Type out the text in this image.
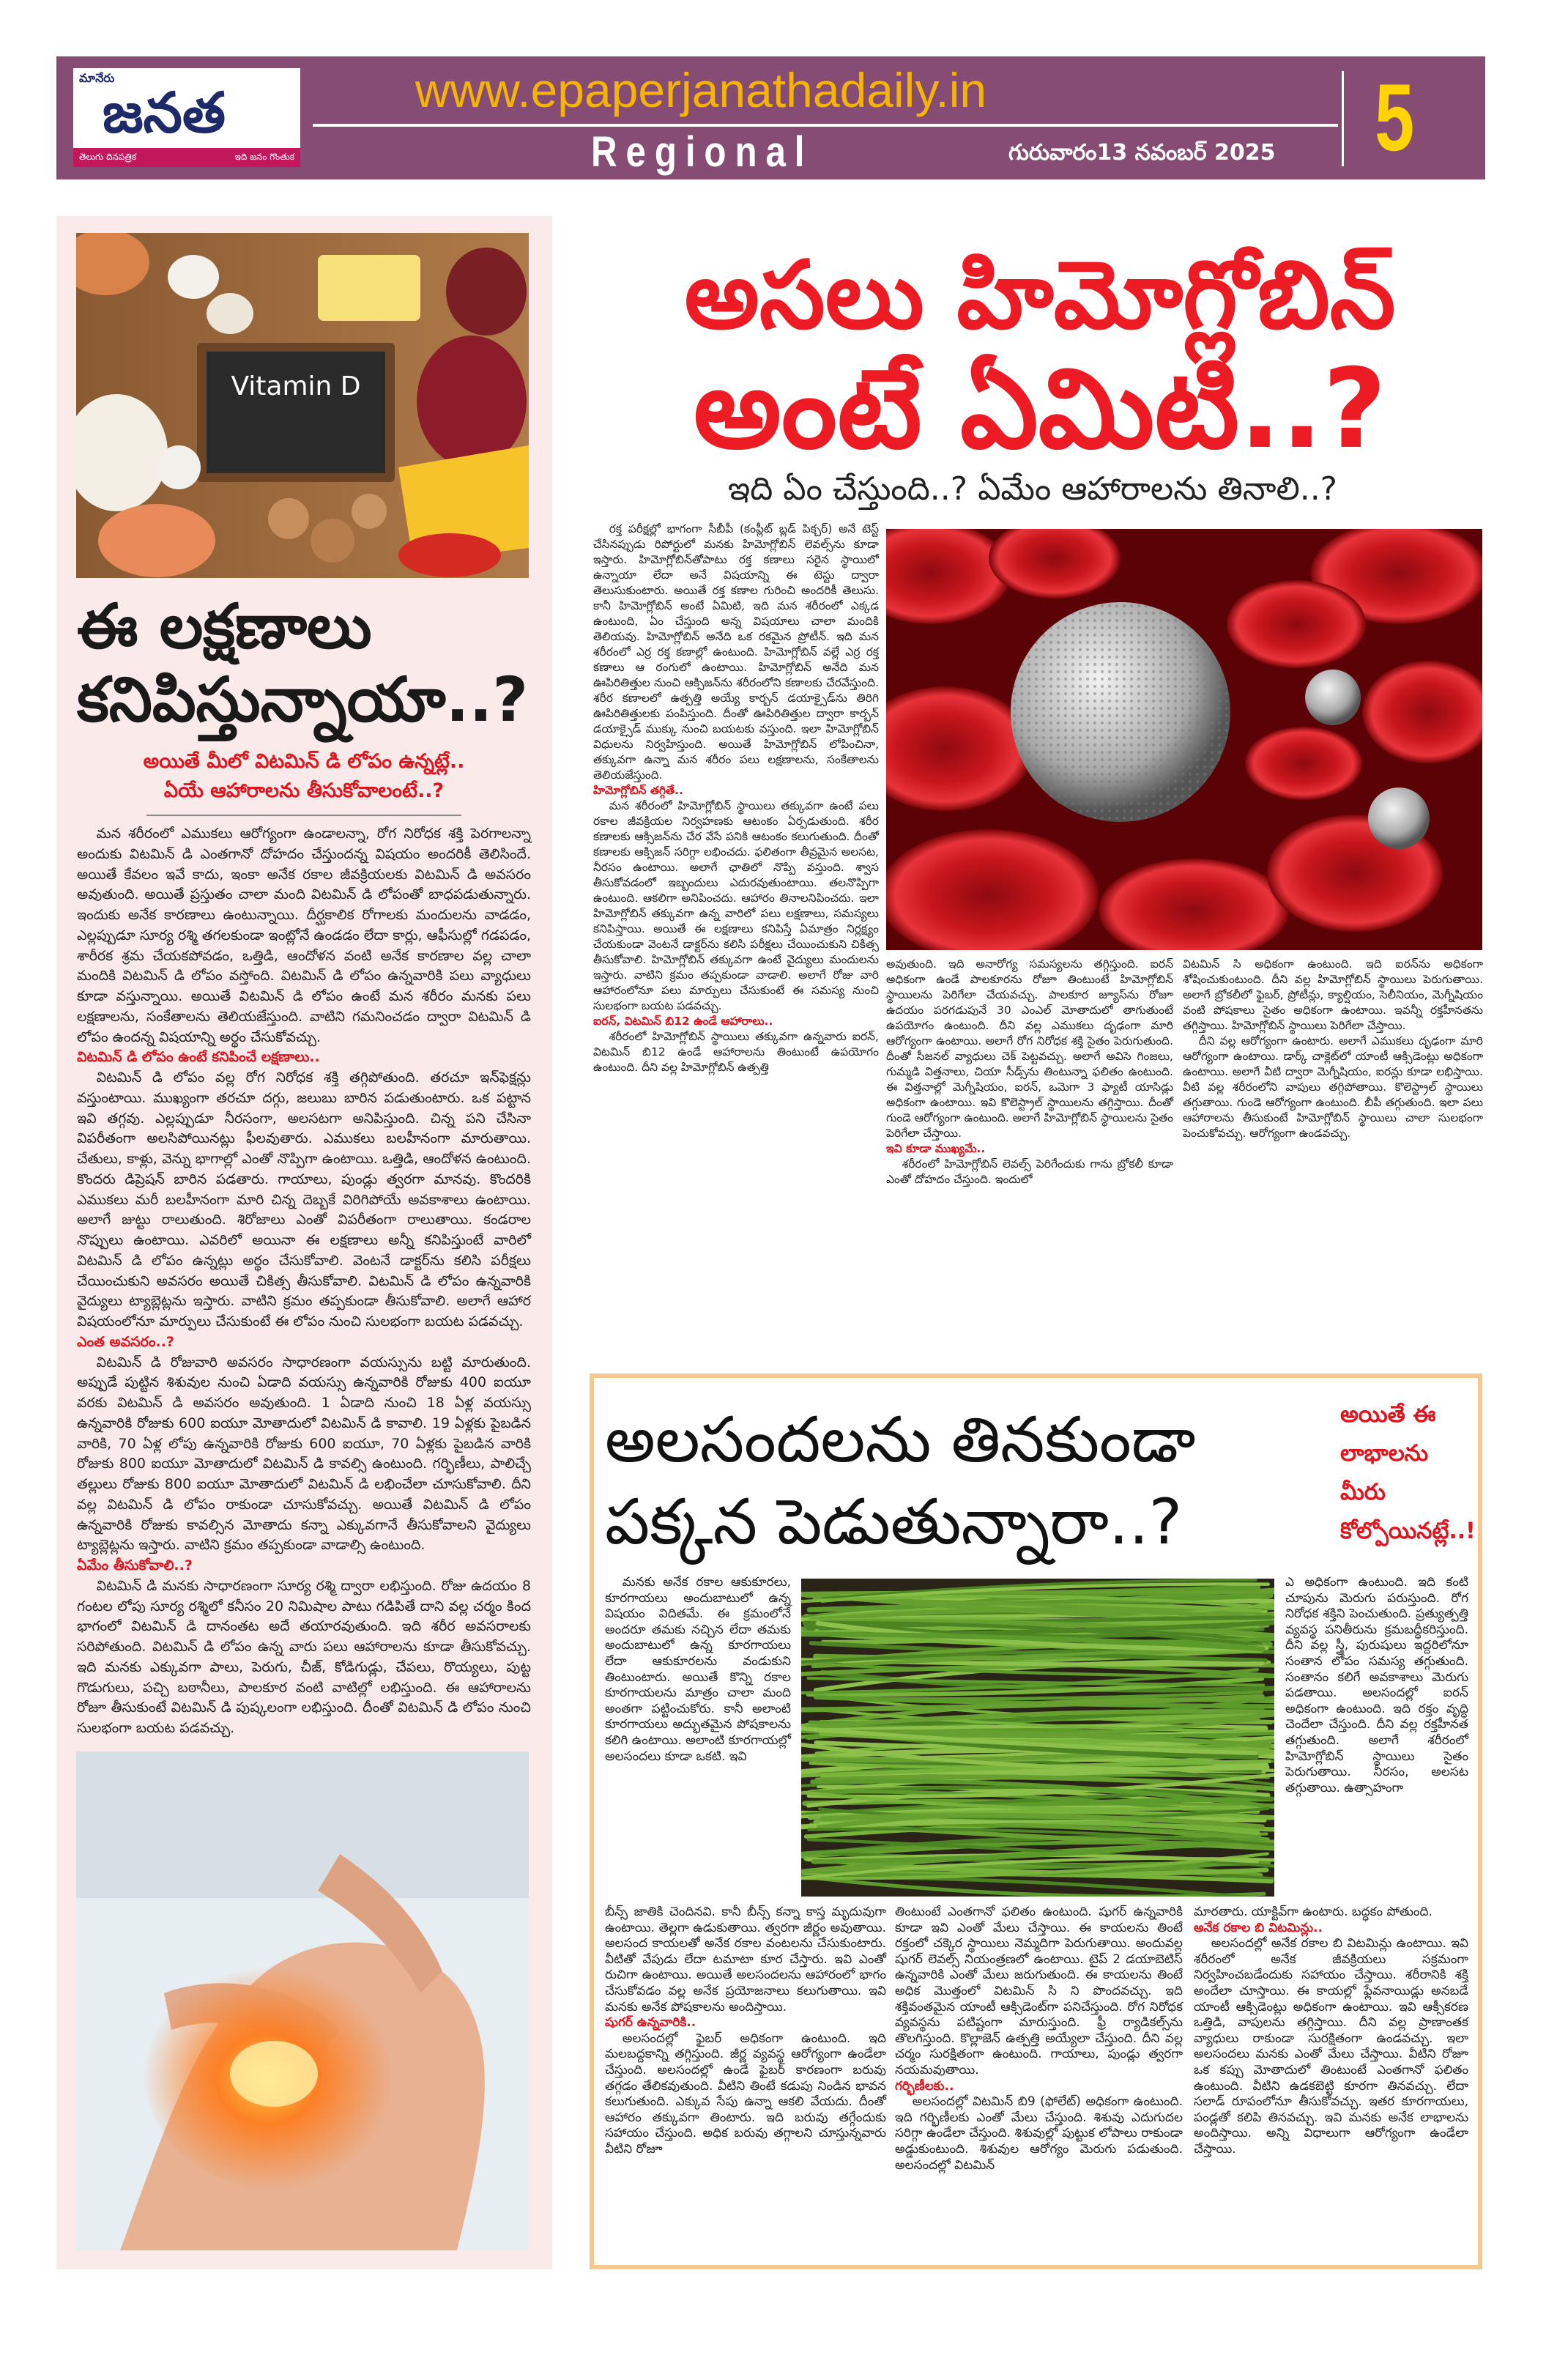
మానేరు
జనత
తెలుగు దినపత్రిక	ఇది జనం గొంతుక
www.epaperjanathadaily.in
Regional	గురువారం13 నవంబర్ 2025	5
Vitamin D
ఈ లక్షణాలు
కనిపిస్తున్నాయా..?
అయితే మీలో విటమిన్ డి లోపం ఉన్నట్లే..
ఏయే ఆహారాలను తీసుకోవాలంటే..?

మన శరీరంలో ఎముకలు ఆరోగ్యంగా ఉండాలన్నా, రోగ నిరోధక శక్తి పెరగాలన్నా అందుకు విటమిన్ డి ఎంతగానో దోహదం చేస్తుందన్న విషయం అందరికీ తెలిసిందే. అయితే కేవలం ఇవే కాదు, ఇంకా అనేక రకాల జీవక్రియలకు విటమిన్ డి అవసరం అవుతుంది. అయితే ప్రస్తుతం చాలా మంది విటమిన్ డి లోపంతో బాధపడుతున్నారు. ఇందుకు అనేక కారణాలు ఉంటున్నాయి. దీర్ఘకాలిక రోగాలకు మందులను వాడడం, ఎల్లప్పుడూ సూర్య రశ్మి తగలకుండా ఇంట్లోనే ఉండడం లేదా కార్లు, ఆఫీసుల్లో గడపడం, శారీరక శ్రమ చేయకపోవడం, ఒత్తిడి, ఆందోళన వంటి అనేక కారణాల వల్ల చాలా మందికి విటమిన్ డి లోపం వస్తోంది. విటమిన్ డి లోపం ఉన్నవారికి పలు వ్యాధులు కూడా వస్తున్నాయి. అయితే విటమిన్ డి లోపం ఉంటే మన శరీరం మనకు పలు లక్షణాలను, సంకేతాలను తెలియజేస్తుంది. వాటిని గమనించడం ద్వారా విటమిన్ డి లోపం ఉందన్న విషయాన్ని అర్థం చేసుకోవచ్చు.

విటమిన్ డి లోపం ఉంటే కనిపించే లక్షణాలు..

విటమిన్ డి లోపం వల్ల రోగ నిరోధక శక్తి తగ్గిపోతుంది. తరచూ ఇన్‌ఫెక్షన్లు వస్తుంటాయి. ముఖ్యంగా తరచూ దగ్గు, జలుబు బారిన పడుతుంటారు. ఒక పట్టాన ఇవి తగ్గవు. ఎల్లప్పుడూ నీరసంగా, అలసటగా అనిపిస్తుంది. చిన్న పని చేసినా విపరీతంగా అలసిపోయినట్లు ఫీలవుతారు. ఎముకలు బలహీనంగా మారుతాయి. చేతులు, కాళ్లు, వెన్ను భాగాల్లో ఎంతో నొప్పిగా ఉంటాయి. ఒత్తిడి, ఆందోళన ఉంటుంది. కొందరు డిప్రెషన్ బారిన పడతారు. గాయాలు, పుండ్లు త్వరగా మానవు. కొందరికి ఎముకలు మరీ బలహీనంగా మారి చిన్న దెబ్బకే విరిగిపోయే అవకాశాలు ఉంటాయి. అలాగే జుట్టు రాలుతుంది. శిరోజాలు ఎంతో విపరీతంగా రాలుతాయి. కండరాల నొప్పులు ఉంటాయి. ఎవరిలో అయినా ఈ లక్షణాలు అన్నీ కనిపిస్తుంటే వారిలో విటమిన్ డి లోపం ఉన్నట్లు అర్థం చేసుకోవాలి. వెంటనే డాక్టర్‌ను కలిసి పరీక్షలు చేయించుకుని అవసరం అయితే చికిత్స తీసుకోవాలి. విటమిన్ డి లోపం ఉన్నవారికి వైద్యులు ట్యాబ్లెట్లను ఇస్తారు. వాటిని క్రమం తప్పకుండా తీసుకోవాలి. అలాగే ఆహార విషయంలోనూ మార్పులు చేసుకుంటే ఈ లోపం నుంచి సులభంగా బయట పడవచ్చు.

ఎంత అవసరం..?

విటమిన్ డి రోజువారి అవసరం సాధారణంగా వయస్సును బట్టి మారుతుంది. అప్పుడే పుట్టిన శిశువుల నుంచి ఏడాది వయస్సు ఉన్నవారికి రోజుకు 400 ఐయూ వరకు విటమిన్ డి అవసరం అవుతుంది. 1 ఏడాది నుంచి 18 ఏళ్ల వయస్సు ఉన్నవారికి రోజుకు 600 ఐయూ మోతాదులో విటమిన్ డి కావాలి. 19 ఏళ్లకు పైబడిన వారికి, 70 ఏళ్ల లోపు ఉన్నవారికి రోజుకు 600 ఐయూ, 70 ఏళ్లకు పైబడిన వారికి రోజుకు 800 ఐయూ మోతాదులో విటమిన్ డి కావల్సి ఉంటుంది. గర్భిణీలు, పాలిచ్చే తల్లులు రోజుకు 800 ఐయూ మోతాదులో విటమిన్ డి లభించేలా చూసుకోవాలి. దీని వల్ల విటమిన్ డి లోపం రాకుండా చూసుకోవచ్చు. అయితే విటమిన్ డి లోపం ఉన్నవారికి రోజుకు కావల్సిన మోతాదు కన్నా ఎక్కువగానే తీసుకోవాలని వైద్యులు ట్యాబ్లెట్లను ఇస్తారు. వాటిని క్రమం తప్పకుండా వాడాల్సి ఉంటుంది.

ఏమేం తీసుకోవాలి..?

విటమిన్ డి మనకు సాధారణంగా సూర్య రశ్మి ద్వారా లభిస్తుంది. రోజు ఉదయం 8 గంటల లోపు సూర్య రశ్మిలో కనీసం 20 నిమిషాల పాటు గడిపితే దాని వల్ల చర్మం కింద భాగంలో విటమిన్ డి దానంతట అదే తయారవుతుంది. ఇది శరీర అవసరాలకు సరిపోతుంది. విటమిన్ డి లోపం ఉన్న వారు పలు ఆహారాలను కూడా తీసుకోవచ్చు. ఇది మనకు ఎక్కువగా పాలు, పెరుగు, చీజ్, కోడిగుడ్లు, చేపలు, రొయ్యలు, పుట్ట గొడుగులు, పచ్చి బఠానీలు, పాలకూర వంటి వాటిల్లో లభిస్తుంది. ఈ ఆహారాలను రోజూ తీసుకుంటే విటమిన్ డి పుష్కలంగా లభిస్తుంది. దీంతో విటమిన్ డి లోపం నుంచి సులభంగా బయట పడవచ్చు.

అసలు హిమోగ్లోబిన్
అంటే ఏమిటి..?
ఇది ఏం చేస్తుంది..? ఏమేం ఆహారాలను తినాలి..?

రక్త పరీక్షల్లో భాగంగా సీబీపీ (కంప్లీట్ బ్లడ్ పిక్చర్) అనే టెస్ట్ చేసినప్పుడు రిపోర్టులో మనకు హిమోగ్లోబిన్ లెవల్స్‌ను కూడా ఇస్తారు. హిమోగ్లోబిన్‌తోపాటు రక్త కణాలు సరైన స్థాయిలో ఉన్నాయా లేదా అనే విషయాన్ని ఈ టెస్టు ద్వారా తెలుసుకుంటారు. అయితే రక్త కణాల గురించి అందరికీ తెలుసు. కానీ హిమోగ్లోబిన్ అంటే ఏమిటి, ఇది మన శరీరంలో ఎక్కడ ఉంటుంది, ఏం చేస్తుంది అన్న విషయాలు చాలా మందికి తెలియవు. హిమోగ్లోబిన్ అనేది ఒక రకమైన ప్రోటీన్. ఇది మన శరీరంలో ఎర్ర రక్త కణాల్లో ఉంటుంది. హిమోగ్లోబిన్ వల్లే ఎర్ర రక్త కణాలు ఆ రంగులో ఉంటాయి. హిమోగ్లోబిన్ అనేది మన ఊపిరితిత్తుల నుంచి ఆక్సిజన్‌ను శరీరంలోని కణాలకు చేరవేస్తుంది. శరీర కణాలలో ఉత్పత్తి అయ్యే కార్బన్ డయాక్సైడ్‌ను తిరిగి ఊపిరితిత్తులకు పంపిస్తుంది. దీంతో ఊపిరితిత్తుల ద్వారా కార్బన్ డయాక్సైడ్ ముక్కు నుంచి బయటకు వస్తుంది. ఇలా హిమోగ్లోబిన్ విధులను నిర్వహిస్తుంది. అయితే హిమోగ్లోబిన్ లోపించినా, తక్కువగా ఉన్నా మన శరీరం పలు లక్షణాలను, సంకేతాలను తెలియజేస్తుంది.

హిమోగ్లోబిన్ తగ్గితే..

మన శరీరంలో హిమోగ్లోబిన్ స్థాయిలు తక్కువగా ఉంటే పలు రకాల జీవక్రియల నిర్వహణకు ఆటంకం ఏర్పడుతుంది. శరీర కణాలకు ఆక్సిజన్‌ను చేర వేసే పనికి ఆటంకం కలుగుతుంది. దీంతో కణాలకు ఆక్సిజన్ సరిగ్గా లభించదు. ఫలితంగా తీవ్రమైన అలసట, నీరసం ఉంటాయి. అలాగే ఛాతిలో నొప్పి వస్తుంది. శ్వాస తీసుకోవడంలో ఇబ్బందులు ఎదురవుతుంటాయి. తలనొప్పిగా ఉంటుంది. ఆకలిగా అనిపించదు. ఆహారం తినాలనిపించదు. ఇలా హిమోగ్లోబిన్ తక్కువగా ఉన్న వారిలో పలు లక్షణాలు, సమస్యలు కనిపిస్తాయి. అయితే ఈ లక్షణాలు కనిపిస్తే ఏమాత్రం నిర్లక్ష్యం చేయకుండా వెంటనే డాక్టర్‌ను కలిసి పరీక్షలు చేయించుకుని చికిత్స తీసుకోవాలి. హిమోగ్లోబిన్ తక్కువగా ఉంటే వైద్యులు మందులను ఇస్తారు. వాటిని క్రమం తప్పకుండా వాడాలి. అలాగే రోజు వారి ఆహారంలోనూ పలు మార్పులు చేసుకుంటే ఈ సమస్య నుంచి సులభంగా బయట పడవచ్చు.

ఐరన్, విటమిన్ బి12 ఉండే ఆహారాలు..

శరీరంలో హిమోగ్లోబిన్ స్థాయిలు తక్కువగా ఉన్నవారు ఐరన్, విటమిన్ బి12 ఉండే ఆహారాలను తింటుంటే ఉపయోగం ఉంటుంది. దీని వల్ల హిమోగ్లోబిన్ ఉత్పత్తి

అవుతుంది. ఇది అనారోగ్య సమస్యలను తగ్గిస్తుంది. ఐరన్ అధికంగా ఉండే పాలకూరను రోజూ తింటుంటే హిమోగ్లోబిన్ స్థాయిలను పెరిగేలా చేయవచ్చు. పాలకూర జ్యూస్‌ను రోజూ ఉదయం పరగడుపునే 30 ఎంఎల్ మోతాదులో తాగుతుంటే ఉపయోగం ఉంటుంది. దీని వల్ల ఎముకలు దృఢంగా మారి ఆరోగ్యంగా ఉంటాయి. అలాగే రోగ నిరోధక శక్తి సైతం పెరుగుతుంది. దీంతో సీజనల్ వ్యాధులు చెక్ పెట్టవచ్చు. అలాగే అవిసె గింజలు, గుమ్మడి విత్తనాలు, చియా సీడ్స్‌ను తింటున్నా ఫలితం ఉంటుంది. ఈ విత్తనాల్లో మెగ్నీషియం, ఐరన్, ఒమెగా 3 ఫ్యాటీ యాసిడ్లు అధికంగా ఉంటాయి. ఇవి కొలెస్ట్రాల్ స్థాయిలను తగ్గిస్తాయి. దీంతో గుండె ఆరోగ్యంగా ఉంటుంది. అలాగే హిమోగ్లోబిన్ స్థాయిలను సైతం పెరిగేలా చేస్తాయి.

ఇవి కూడా ముఖ్యమే..

శరీరంలో హిమోగ్లోబిన్ లెవల్స్ పెరిగేందుకు గాను బ్రోకలీ కూడా ఎంతో దోహదం చేస్తుంది. ఇందులో

విటమిన్ సి అధికంగా ఉంటుంది. ఇది ఐరన్‌ను అధికంగా శోషించుకుంటుంది. దీని వల్ల హిమోగ్లోబిన్ స్థాయిలు పెరుగుతాయి. అలాగే బ్రోకలీలో ఫైబర్, ప్రోటీన్లు, క్యాల్షియం, సెలీనియం, మెగ్నీషియం వంటి పోషకాలు సైతం అధికంగా ఉంటాయి. ఇవన్నీ రక్తహీనతను తగ్గిస్తాయి. హిమోగ్లోబిన్ స్థాయిలు పెరిగేలా చేస్తాయి.

దీని వల్ల ఆరోగ్యంగా ఉంటారు. అలాగే ఎముకలు దృఢంగా మారి ఆరోగ్యంగా ఉంటాయి. డార్క్ చాక్లెట్‌లో యాంటీ ఆక్సిడెంట్లు అధికంగా ఉంటాయి. అలాగే వీటి ద్వారా మెగ్నీషియం, ఐరన్లు కూడా లభిస్తాయి. వీటి వల్ల శరీరంలోని వాపులు తగ్గిపోతాయి. కొలెస్ట్రాల్ స్థాయిలు తగ్గుతాయి. గుండె ఆరోగ్యంగా ఉంటుంది. బీపీ తగ్గుతుంది. ఇలా పలు ఆహారాలను తీసుకుంటే హిమోగ్లోబిన్ స్థాయిలు చాలా సులభంగా పెంచుకోవచ్చు. ఆరోగ్యంగా ఉండవచ్చు.

అలసందలను తినకుండా
పక్కన పెడుతున్నారా..?
అయితే ఈ
లాభాలను
మీరు
కోల్పోయినట్లే..!

మనకు అనేక రకాల ఆకుకూరలు, కూరగాయలు అందుబాటులో ఉన్న విషయం విదితమే. ఈ క్రమంలోనే అందరూ తమకు నచ్చిన లేదా తమకు అందుబాటులో ఉన్న కూరగాయలు లేదా ఆకుకూరలను వండుకుని తింటుంటారు. అయితే కొన్ని రకాల కూరగాయలను మాత్రం చాలా మంది అంతగా పట్టించుకోరు. కానీ అలాంటి కూరగాయలు అద్భుతమైన పోషకాలను కలిగి ఉంటాయి. అలాంటి కూరగాయల్లో అలసందలు కూడా ఒకటి. ఇవి

ఎ అధికంగా ఉంటుంది. ఇది కంటి చూపును మెరుగు పరుస్తుంది. రోగ నిరోధక శక్తిని పెంచుతుంది. ప్రత్యుత్పత్తి వ్యవస్థ పనితీరును క్రమబద్ధీకరిస్తుంది. దీని వల్ల స్త్రీ, పురుషులు ఇద్దరిలోనూ సంతాన లోపం సమస్య తగ్గుతుంది. సంతానం కలిగే అవకాశాలు మెరుగు పడతాయి. అలసందల్లో ఐరన్ అధికంగా ఉంటుంది. ఇది రక్తం వృద్ధి చెందేలా చేస్తుంది. దీని వల్ల రక్తహీనత తగ్గుతుంది. అలాగే శరీరంలో హిమోగ్లోబిన్ స్థాయిలు సైతం పెరుగుతాయి. నీరసం, అలసట తగ్గుతాయి. ఉత్సాహంగా

బీన్స్ జాతికి చెందినవి. కానీ బీన్స్ కన్నా కాస్త మృదువుగా ఉంటాయి. తెల్లగా ఉడుకుతాయి. త్వరగా జీర్ణం అవుతాయి. అలసంద కాయలతో అనేక రకాల వంటలను చేసుకుంటారు. వీటితో వేపుడు లేదా టమాటా కూర చేస్తారు. ఇవి ఎంతో రుచిగా ఉంటాయి. అయితే అలసందలను ఆహారంలో భాగం చేసుకోవడం వల్ల అనేక ప్రయోజనాలు కలుగుతాయి. ఇవి మనకు అనేక పోషకాలను అందిస్తాయి.

షుగర్ ఉన్నవారికి..

అలసందల్లో ఫైబర్ అధికంగా ఉంటుంది. ఇది మలబద్దకాన్ని తగ్గిస్తుంది. జీర్ణ వ్యవస్థ ఆరోగ్యంగా ఉండేలా చేస్తుంది. అలసందల్లో ఉండే ఫైబర్ కారణంగా బరువు తగ్గడం తేలికవుతుంది. వీటిని తింటే కడుపు నిండిన భావన కలుగుతుంది. ఎక్కువ సేపు ఉన్నా ఆకలి వేయదు. దీంతో ఆహారం తక్కువగా తింటారు. ఇది బరువు తగ్గేందుకు సహాయం చేస్తుంది. అధిక బరువు తగ్గాలని చూస్తున్నవారు వీటిని రోజూ

తింటుంటే ఎంతగానో ఫలితం ఉంటుంది. షుగర్ ఉన్నవారికి కూడా ఇవి ఎంతో మేలు చేస్తాయి. ఈ కాయలను తింటే రక్తంలో చక్కెర స్థాయిలు నెమ్మదిగా పెరుగుతాయి. అందువల్ల షుగర్ లెవల్స్ నియంత్రణలో ఉంటాయి. టైప్ 2 డయాబెటిస్ ఉన్నవారికి ఎంతో మేలు జరుగుతుంది. ఈ కాయలను తింటే అధిక మొత్తంలో విటమిన్ సి ని పొందవచ్చు. ఇది శక్తివంతమైన యాంటీ ఆక్సిడెంట్‌గా పనిచేస్తుంది. రోగ నిరోధక వ్యవస్థను పటిష్టంగా మారుస్తుంది. ఫ్రీ ర్యాడికల్స్‌ను తొలగిస్తుంది. కొల్లాజెన్ ఉత్పత్తి అయ్యేలా చేస్తుంది. దీని వల్ల చర్మం సురక్షితంగా ఉంటుంది. గాయాలు, పుండ్లు త్వరగా నయమవుతాయి.

గర్భిణీలకు..

అలసందల్లో విటమిన్ బి9 (ఫోలేట్) అధికంగా ఉంటుంది. ఇది గర్భిణీలకు ఎంతో మేలు చేస్తుంది. శిశువు ఎదుగుదల సరిగ్గా ఉండేలా చేస్తుంది. శిశువుల్లో పుట్టుక లోపాలు రాకుండా అడ్డుకుంటుంది. శిశువుల ఆరోగ్యం మెరుగు పడుతుంది. అలసందల్లో విటమిన్

మారతారు. యాక్టివ్‌గా ఉంటారు. బద్ధకం పోతుంది.

అనేక రకాల బి విటమిన్లు..

అలసందల్లో అనేక రకాల బి విటమిన్లు ఉంటాయి. ఇవి శరీరంలో అనేక జీవక్రియలు సక్రమంగా నిర్వహించబడేందుకు సహాయం చేస్తాయి. శరీరానికి శక్తి అందేలా చూస్తాయి. ఈ కాయల్లో ఫ్లేవనాయిడ్లు అనబడే యాంటీ ఆక్సిడెంట్లు అధికంగా ఉంటాయి. ఇవి ఆక్సీకరణ ఒత్తిడి, వాపులను తగ్గిస్తాయి. దీని వల్ల ప్రాణాంతక వ్యాధులు రాకుండా సురక్షితంగా ఉండవచ్చు. ఇలా అలసందలు మనకు ఎంతో మేలు చేస్తాయి. వీటిని రోజూ ఒక కప్పు మోతాదులో తింటుంటే ఎంతగానో ఫలితం ఉంటుంది. వీటిని ఉడకబెట్టి కూరగా తినవచ్చు. లేదా సలాడ్ రూపంలోనూ తీసుకోవచ్చు. ఇతర కూరగాయలు, పండ్లతో కలిపి తినవచ్చు. ఇవి మనకు అనేక లాభాలను అందిస్తాయి. అన్ని విధాలుగా ఆరోగ్యంగా ఉండేలా చేస్తాయి.
